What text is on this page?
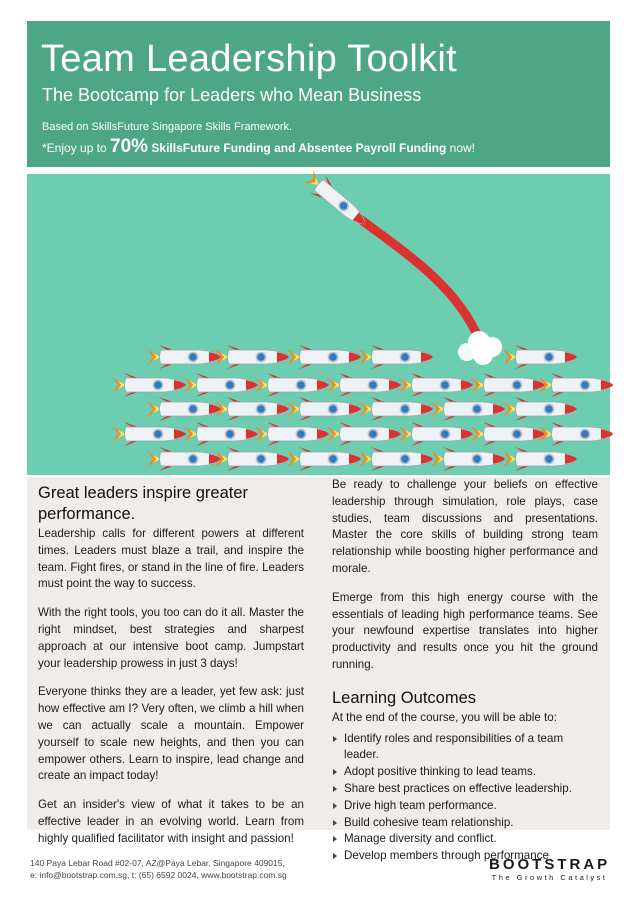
Team Leadership Toolkit
The Bootcamp for Leaders who Mean Business
Based on SkillsFuture Singapore Skills Framework.
*Enjoy up to 70% SkillsFuture Funding and Absentee Payroll Funding now!
Great leaders inspire greater performance.

Leadership calls for different powers at different times. Leaders must blaze a trail, and inspire the team. Fight fires, or stand in the line of fire. Leaders must point the way to success.

With the right tools, you too can do it all. Master the right mindset, best strategies and sharpest approach at our intensive boot camp. Jumpstart your leadership prowess in just 3 days!

Everyone thinks they are a leader, yet few ask: just how effective am I? Very often, we climb a hill when we can actually scale a mountain. Empower yourself to scale new heights, and then you can empower others. Learn to inspire, lead change and create an impact today!

Get an insider's view of what it takes to be an effective leader in an evolving world. Learn from highly qualified facilitator with insight and passion!

Be ready to challenge your beliefs on effective leadership through simulation, role plays, case studies, team discussions and presentations. Master the core skills of building strong team relationship while boosting higher performance and morale.

Emerge from this high energy course with the essentials of leading high performance teams. See your newfound expertise translates into higher productivity and results once you hit the ground running.

Learning Outcomes

At the end of the course, you will be able to:

Identify roles and responsibilities of a team leader.
Adopt positive thinking to lead teams.
Share best practices on effective leadership.
Drive high team performance.
Build cohesive team relationship.
Manage diversity and conflict.
Develop members through performance
140 Paya Lebar Road #02-07, AZ@Paya Lebar, Singapore 409015,
e: info@bootstrap.com.sg, t: (65) 6592 0024, www.bootstrap.com.sg
BOOTSTRAP
The Growth Catalyst
